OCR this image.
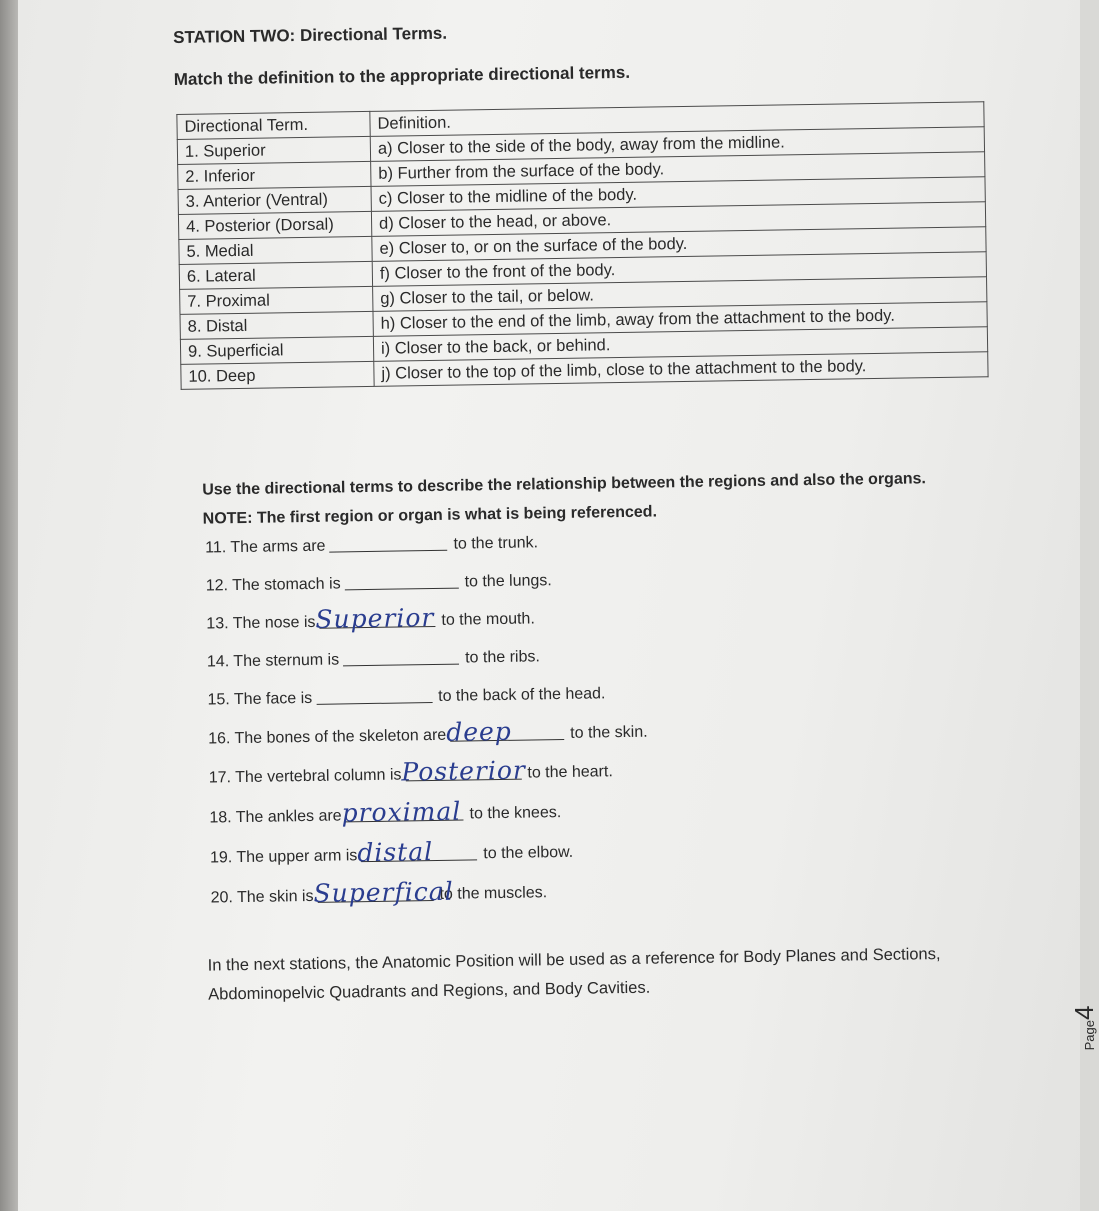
STATION TWO: Directional Terms.

Match the definition to the appropriate directional terms.

Directional Term.	Definition.
1. Superior	a) Closer to the side of the body, away from the midline.
2. Inferior	b) Further from the surface of the body.
3. Anterior (Ventral)	c) Closer to the midline of the body.
4. Posterior (Dorsal)	d) Closer to the head, or above.
5. Medial	e) Closer to, or on the surface of the body.
6. Lateral	f) Closer to the front of the body.
7. Proximal	g) Closer to the tail, or below.
8. Distal	h) Closer to the end of the limb, away from the attachment to the body.
9. Superficial	i) Closer to the back, or behind.
10. Deep	j) Closer to the top of the limb, close to the attachment to the body.

Use the directional terms to describe the relationship between the regions and also the organs. NOTE: The first region or organ is what is being referenced.

11. The arms are	to the trunk.
12. The stomach is	to the lungs.
13. The nose is Superior to the mouth.
14. The sternum is	to the ribs.
15. The face is	to the back of the head.
16. The bones of the skeleton are deep	to the skin.
17. The vertebral column is Posterior to the heart.
18. The ankles are proximal to the knees.
19. The upper arm is distal	to the elbow.
20. The skin is Superfical
to the muscles.

In the next stations, the Anatomic Position will be used as a reference for Body Planes and Sections, Abdominopelvic Quadrants and Regions, and Body Cavities.

Page
4
